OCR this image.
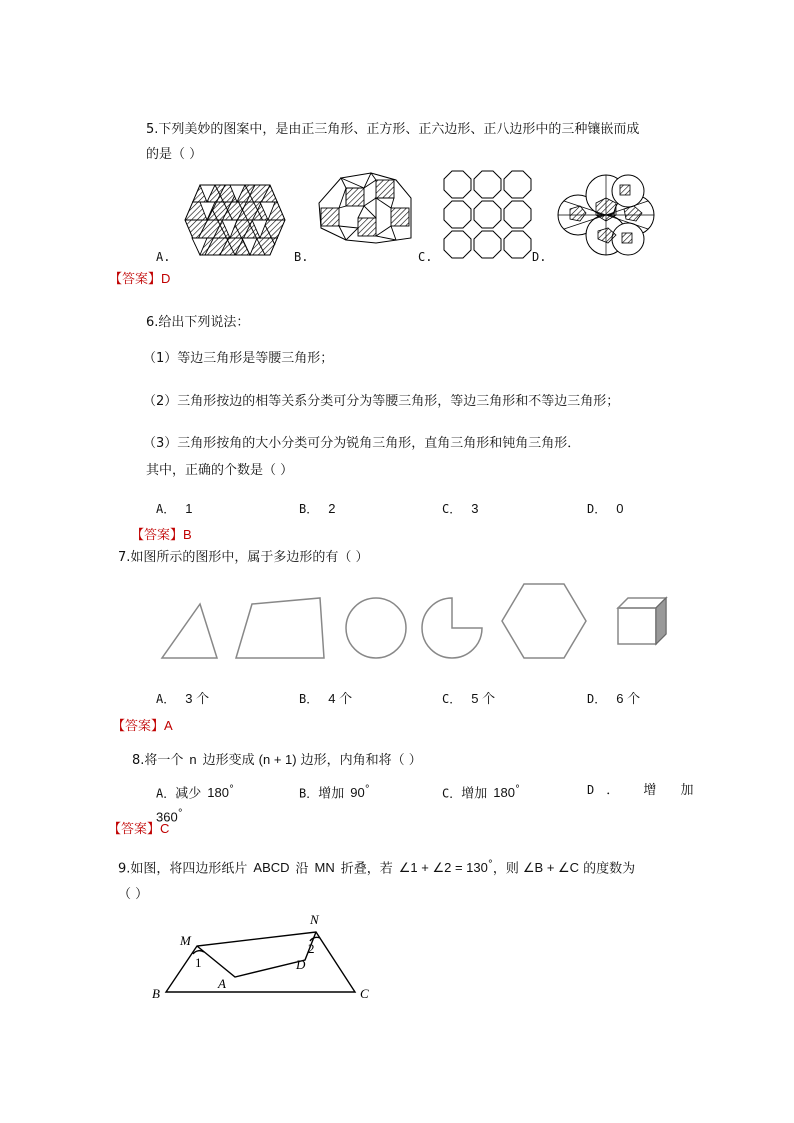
5.下列美妙的图案中，是由正三角形、正方形、正六边形、正八边形中的三种镶嵌而成
的是（ ）
A.	B.	C.	D.
【答案】D
6.给出下列说法：
（1）等边三角形是等腰三角形；
（2）三角形按边的相等关系分类可分为等腰三角形，等边三角形和不等边三角形；
（3）三角形按角的大小分类可分为锐角三角形，直角三角形和钝角三角形．
其中，正确的个数是（ ）
A． 1	B． 2	C． 3	D． 0
【答案】B
7.如图所示的图形中，属于多边形的有（ ）
A． 3 个	B． 4 个	C． 5 个	D． 6 个
【答案】A
8.将一个 n 边形变成 (n + 1) 边形，内角和将（ ）
A．减少 180°	B．增加 90°	C．增加 180°	D ． 增 加
360°
【答案】C
9.如图，将四边形纸片 ABCD 沿 MN 折叠，若 ∠1 + ∠2 = 130°，则 ∠B + ∠C 的度数为
（ ）
M
N
B	C
A
D
1
2
